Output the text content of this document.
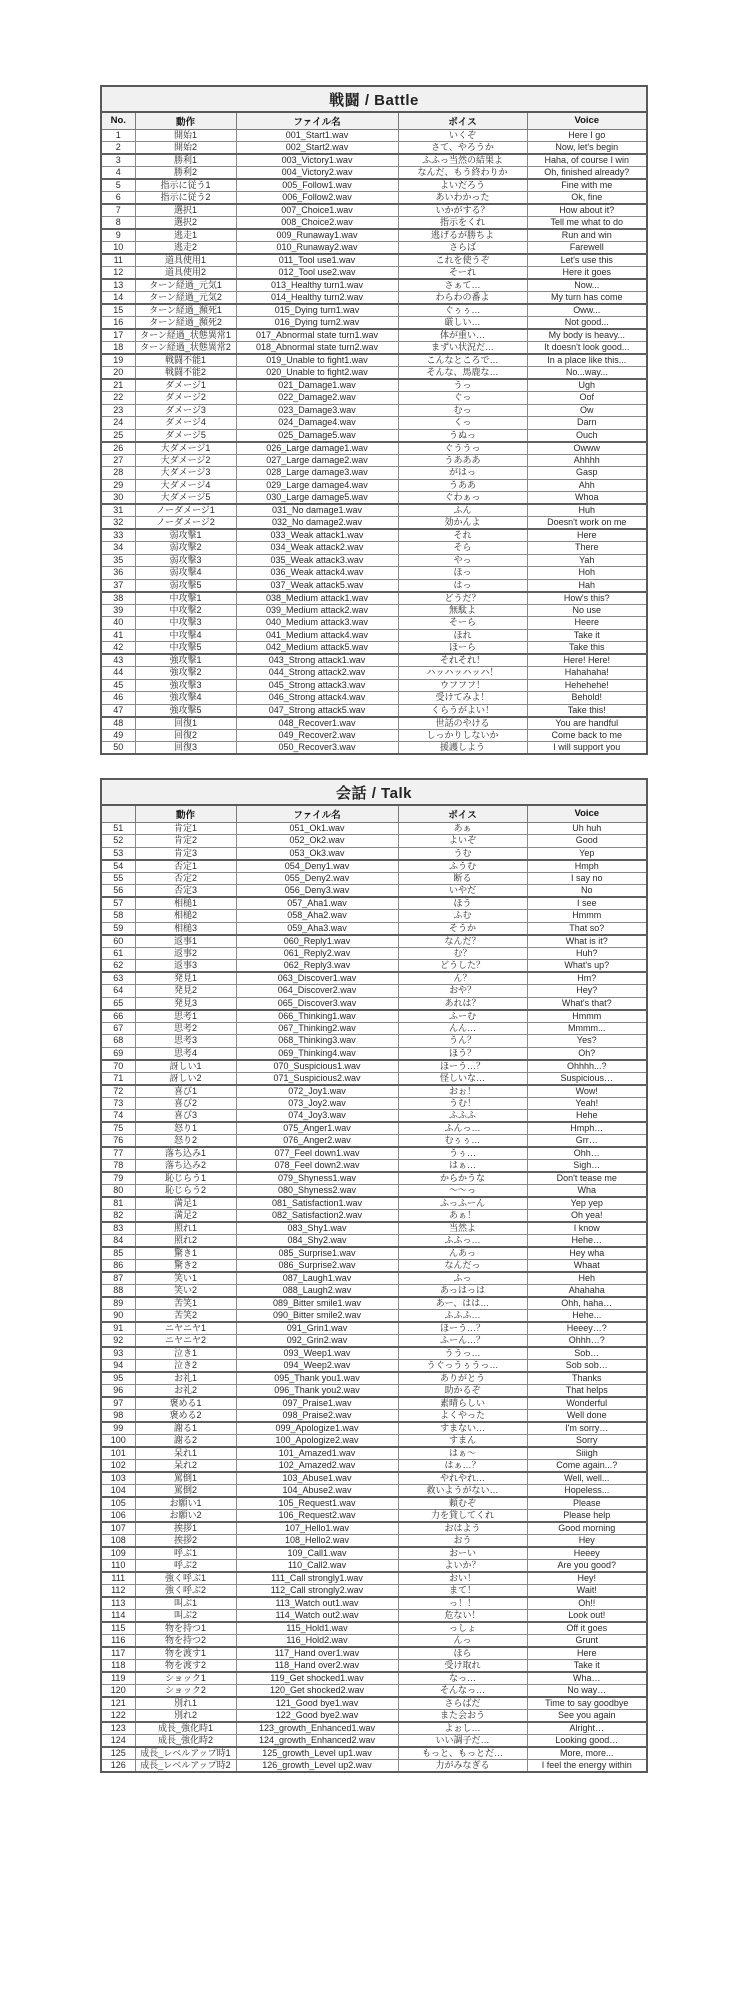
戦闘 / Battle				
No.	動作	ファイル名	ボイス	Voice
1	開始1	001_Start1.wav	いくぞ	Here I go
2	開始2	002_Start2.wav	さて、やろうか	Now, let's begin
3	勝利1	003_Victory1.wav	ふふっ当然の結果よ	Haha, of course I win
4	勝利2	004_Victory2.wav	なんだ、もう終わりか	Oh, finished already?
5	指示に従う1	005_Follow1.wav	よいだろう	Fine with me
6	指示に従う2	006_Follow2.wav	あいわかった	Ok, fine
7	選択1	007_Choice1.wav	いかがする？	How about it?
8	選択2	008_Choice2.wav	指示をくれ	Tell me what to do
9	逃走1	009_Runaway1.wav	逃げるが勝ちよ	Run and win
10	逃走2	010_Runaway2.wav	さらば	Farewell
11	道具使用1	011_Tool use1.wav	これを使うぞ	Let's use this
12	道具使用2	012_Tool use2.wav	そーれ	Here it goes
13	ターン経過_元気1	013_Healthy turn1.wav	さぁて…	Now...
14	ターン経過_元気2	014_Healthy turn2.wav	わらわの番よ	My turn has come
15	ターン経過_瀕死1	015_Dying turn1.wav	ぐぅぅ…	Oww...
16	ターン経過_瀕死2	016_Dying turn2.wav	厳しい…	Not good...
17	ターン経過_状態異常1	017_Abnormal state turn1.wav	体が重い…	My body is heavy...
18	ターン経過_状態異常2	018_Abnormal state turn2.wav	まずい状況だ…	It doesn't look good...
19	戦闘不能1	019_Unable to fight1.wav	こんなところで…	In a place like this...
20	戦闘不能2	020_Unable to fight2.wav	そんな、馬鹿な…	No...way...
21	ダメージ1	021_Damage1.wav	うっ	Ugh
22	ダメージ2	022_Damage2.wav	ぐっ	Oof
23	ダメージ3	023_Damage3.wav	むっ	Ow
24	ダメージ4	024_Damage4.wav	くっ	Darn
25	ダメージ5	025_Damage5.wav	うぬっ	Ouch
26	大ダメージ1	026_Large damage1.wav	ぐううっ	Owww
27	大ダメージ2	027_Large damage2.wav	うあああ	Ahhhh
28	大ダメージ3	028_Large damage3.wav	がはっ	Gasp
29	大ダメージ4	029_Large damage4.wav	うああ	Ahh
30	大ダメージ5	030_Large damage5.wav	ぐわぁっ	Whoa
31	ノーダメージ1	031_No damage1.wav	ふん	Huh
32	ノーダメージ2	032_No damage2.wav	効かんよ	Doesn't work on me
33	弱攻撃1	033_Weak attack1.wav	それ	Here
34	弱攻撃2	034_Weak attack2.wav	そら	There
35	弱攻撃3	035_Weak attack3.wav	やっ	Yah
36	弱攻撃4	036_Weak attack4.wav	ほっ	Hoh
37	弱攻撃5	037_Weak attack5.wav	はっ	Hah
38	中攻撃1	038_Medium attack1.wav	どうだ？	How's this?
39	中攻撃2	039_Medium attack2.wav	無駄よ	No use
40	中攻撃3	040_Medium attack3.wav	そーら	Heere
41	中攻撃4	041_Medium attack4.wav	ほれ	Take it
42	中攻撃5	042_Medium attack5.wav	ほーら	Take this
43	強攻撃1	043_Strong attack1.wav	それそれ！	Here! Here!
44	強攻撃2	044_Strong attack2.wav	ハッハッハッハ！	Hahahaha!
45	強攻撃3	045_Strong attack3.wav	ウフフフ！	Hehehehe!
46	強攻撃4	046_Strong attack4.wav	受けてみよ！	Behold!
47	強攻撃5	047_Strong attack5.wav	くらうがよい！	Take this!
48	回復1	048_Recover1.wav	世話のやける	You are handful
49	回復2	049_Recover2.wav	しっかりしないか	Come back to me
50	回復3	050_Recover3.wav	援護しよう	I will support you
会話 / Talk				
	動作	ファイル名	ボイス	Voice
51	肯定1	051_Ok1.wav	あぁ	Uh huh
52	肯定2	052_Ok2.wav	よいぞ	Good
53	肯定3	053_Ok3.wav	うむ	Yep
54	否定1	054_Deny1.wav	ふうむ	Hmph
55	否定2	055_Deny2.wav	断る	I say no
56	否定3	056_Deny3.wav	いやだ	No
57	相槌1	057_Aha1.wav	ほう	I see
58	相槌2	058_Aha2.wav	ふむ	Hmmm
59	相槌3	059_Aha3.wav	そうか	That so?
60	返事1	060_Reply1.wav	なんだ？	What is it?
61	返事2	061_Reply2.wav	む？	Huh?
62	返事3	062_Reply3.wav	どうした？	What's up?
63	発見1	063_Discover1.wav	ん？	Hm?
64	発見2	064_Discover2.wav	おや？	Hey?
65	発見3	065_Discover3.wav	あれは？	What's that?
66	思考1	066_Thinking1.wav	ふーむ	Hmmm
67	思考2	067_Thinking2.wav	んん…	Mmmm...
68	思考3	068_Thinking3.wav	うん？	Yes?
69	思考4	069_Thinking4.wav	ほう？	Oh?
70	訝しい1	070_Suspicious1.wav	ほーう…？	Ohhhh...?
71	訝しい2	071_Suspicious2.wav	怪しいな…	Suspicious…
72	喜び1	072_Joy1.wav	おぉ！	Wow!
73	喜び2	073_Joy2.wav	うむ！	Yeah!
74	喜び3	074_Joy3.wav	ふふふ	Hehe
75	怒り1	075_Anger1.wav	ふんっ…	Hmph…
76	怒り2	076_Anger2.wav	むぅぅ…	Grr…
77	落ち込み1	077_Feel down1.wav	うぅ…	Ohh…
78	落ち込み2	078_Feel down2.wav	はぁ…	Sigh…
79	恥じらう1	079_Shyness1.wav	からかうな	Don't tease me
80	恥じらう2	080_Shyness2.wav	～～っ	Wha
81	満足1	081_Satisfaction1.wav	ふっふーん	Yep yep
82	満足2	082_Satisfaction2.wav	あぁ！	Oh yea!
83	照れ1	083_Shy1.wav	当然よ	I know
84	照れ2	084_Shy2.wav	ふふっ…	Hehe…
85	驚き1	085_Surprise1.wav	んあっ	Hey wha
86	驚き2	086_Surprise2.wav	なんだっ	Whaat
87	笑い1	087_Laugh1.wav	ふっ	Heh
88	笑い2	088_Laugh2.wav	あっはっは	Ahahaha
89	苦笑1	089_Bitter smile1.wav	あー、はは…	Ohh, haha…
90	苦笑2	090_Bitter smile2.wav	ふふふ…	Hehe...
91	ニヤニヤ1	091_Grin1.wav	ほーう…？	Heeey…?
92	ニヤニヤ2	092_Grin2.wav	ふーん…？	Ohhh…?
93	泣き1	093_Weep1.wav	ううっ…	Sob…
94	泣き2	094_Weep2.wav	うぐっうぅうっ…	Sob sob…
95	お礼1	095_Thank you1.wav	ありがとう	Thanks
96	お礼2	096_Thank you2.wav	助かるぞ	That helps
97	褒める1	097_Praise1.wav	素晴らしい	Wonderful
98	褒める2	098_Praise2.wav	よくやった	Well done
99	謝る1	099_Apologize1.wav	すまない…	I'm sorry…
100	謝る2	100_Apologize2.wav	すまん	Sorry
101	呆れ1	101_Amazed1.wav	はぁ～	Siiigh
102	呆れ2	102_Amazed2.wav	はぁ…？	Come again...?
103	罵倒1	103_Abuse1.wav	やれやれ…	Well, well...
104	罵倒2	104_Abuse2.wav	救いようがない…	Hopeless...
105	お願い1	105_Request1.wav	頼むぞ	Please
106	お願い2	106_Request2.wav	力を貸してくれ	Please help
107	挨拶1	107_Hello1.wav	おはよう	Good morning
108	挨拶2	108_Hello2.wav	おう	Hey
109	呼ぶ1	109_Call1.wav	おーい	Heeey
110	呼ぶ2	110_Call2.wav	よいか？	Are you good?
111	強く呼ぶ1	111_Call strongly1.wav	おい！	Hey!
112	強く呼ぶ2	112_Call strongly2.wav	まて！	Wait!
113	叫ぶ1	113_Watch out1.wav	っ！！	Oh!!
114	叫ぶ2	114_Watch out2.wav	危ない！	Look out!
115	物を持つ1	115_Hold1.wav	っしょ	Off it goes
116	物を持つ2	116_Hold2.wav	んっ	Grunt
117	物を渡す1	117_Hand over1.wav	ほら	Here
118	物を渡す2	118_Hand over2.wav	受け取れ	Take it
119	ショック1	119_Get shocked1.wav	なっ…	Wha…
120	ショック2	120_Get shocked2.wav	そんなっ…	No way…
121	別れ1	121_Good bye1.wav	さらばだ	Time to say goodbye
122	別れ2	122_Good bye2.wav	また会おう	See you again
123	成長_強化時1	123_growth_Enhanced1.wav	よぉし…	Alright…
124	成長_強化時2	124_growth_Enhanced2.wav	いい調子だ…	Looking good…
125	成長_レベルアップ時1	125_growth_Level up1.wav	もっと、もっとだ…	More, more...
126	成長_レベルアップ時2	126_growth_Level up2.wav	力がみなぎる	I feel the energy within
